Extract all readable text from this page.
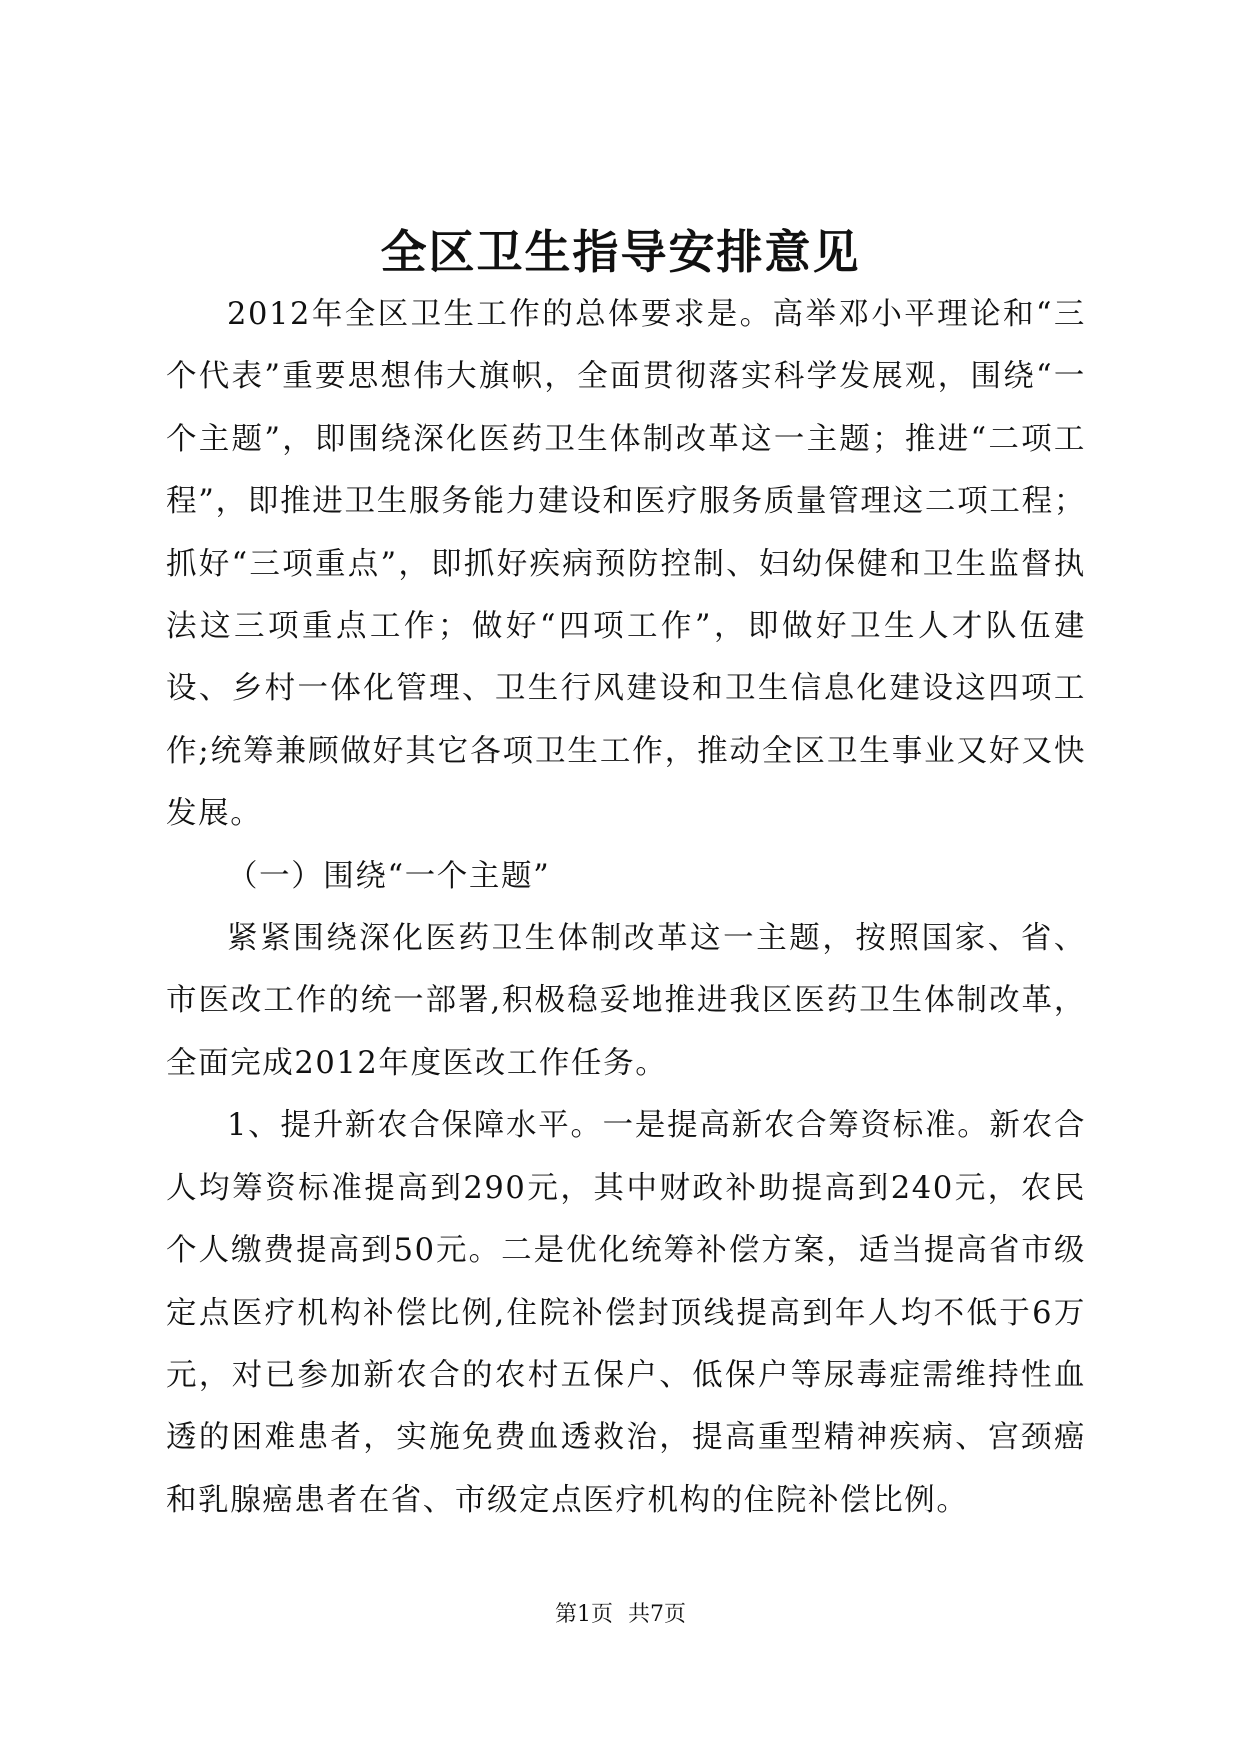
全区卫生指导安排意见

2012年全区卫生工作的总体要求是。高举邓小平理论和“三个代表”重要思想伟大旗帜，全面贯彻落实科学发展观，围绕“一个主题”，即围绕深化医药卫生体制改革这一主题；推进“二项工程”，即推进卫生服务能力建设和医疗服务质量管理这二项工程；抓好“三项重点”，即抓好疾病预防控制、妇幼保健和卫生监督执法这三项重点工作；做好“四项工作”，即做好卫生人才队伍建设、乡村一体化管理、卫生行风建设和卫生信息化建设这四项工作;统筹兼顾做好其它各项卫生工作，推动全区卫生事业又好又快发展。

（一）围绕“一个主题”

紧紧围绕深化医药卫生体制改革这一主题，按照国家、省、市医改工作的统一部署,积极稳妥地推进我区医药卫生体制改革，全面完成2012年度医改工作任务。

1、提升新农合保障水平。一是提高新农合筹资标准。新农合人均筹资标准提高到290元，其中财政补助提高到240元，农民个人缴费提高到50元。二是优化统筹补偿方案，适当提高省市级定点医疗机构补偿比例,住院补偿封顶线提高到年人均不低于6万元，对已参加新农合的农村五保户、低保户等尿毒症需维持性血透的困难患者，实施免费血透救治，提高重型精神疾病、宫颈癌和乳腺癌患者在省、市级定点医疗机构的住院补偿比例。

第1页 共7页
